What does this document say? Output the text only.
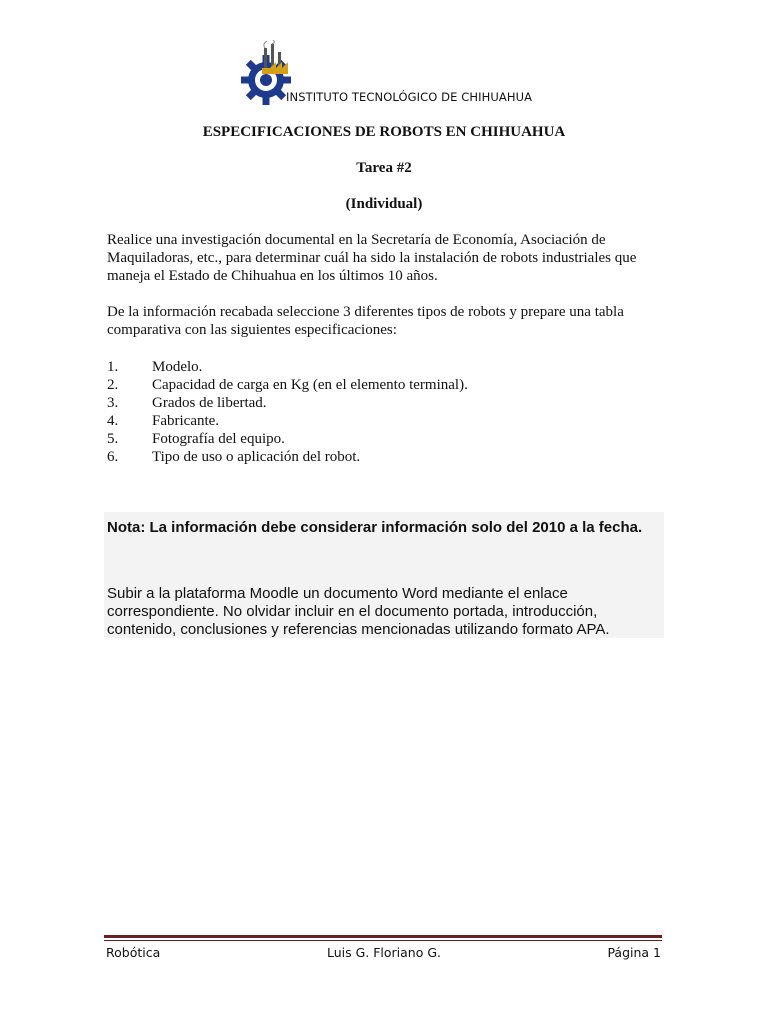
INSTITUTO TECNOLÓGICO DE CHIHUAHUA
ESPECIFICACIONES DE ROBOTS EN CHIHUAHUA
Tarea #2
(Individual)
Realice una investigación documental en la Secretaría de Economía, Asociación de Maquiladoras, etc., para determinar cuál ha sido la instalación de robots industriales que maneja el Estado de Chihuahua en los últimos 10 años.
De la información recabada seleccione 3 diferentes tipos de robots y prepare una tabla comparativa con las siguientes especificaciones:
1.	Modelo.
2.	Capacidad de carga en Kg (en el elemento terminal).
3.	Grados de libertad.
4.	Fabricante.
5.	Fotografía del equipo.
6.	Tipo de uso o aplicación del robot.
Nota: La información debe considerar información solo del 2010 a la fecha.
Subir a la plataforma Moodle un documento Word mediante el enlace correspondiente. No olvidar incluir en el documento portada, introducción, contenido, conclusiones y referencias mencionadas utilizando formato APA.
Robótica	Luis G. Floriano G.	Página 1
